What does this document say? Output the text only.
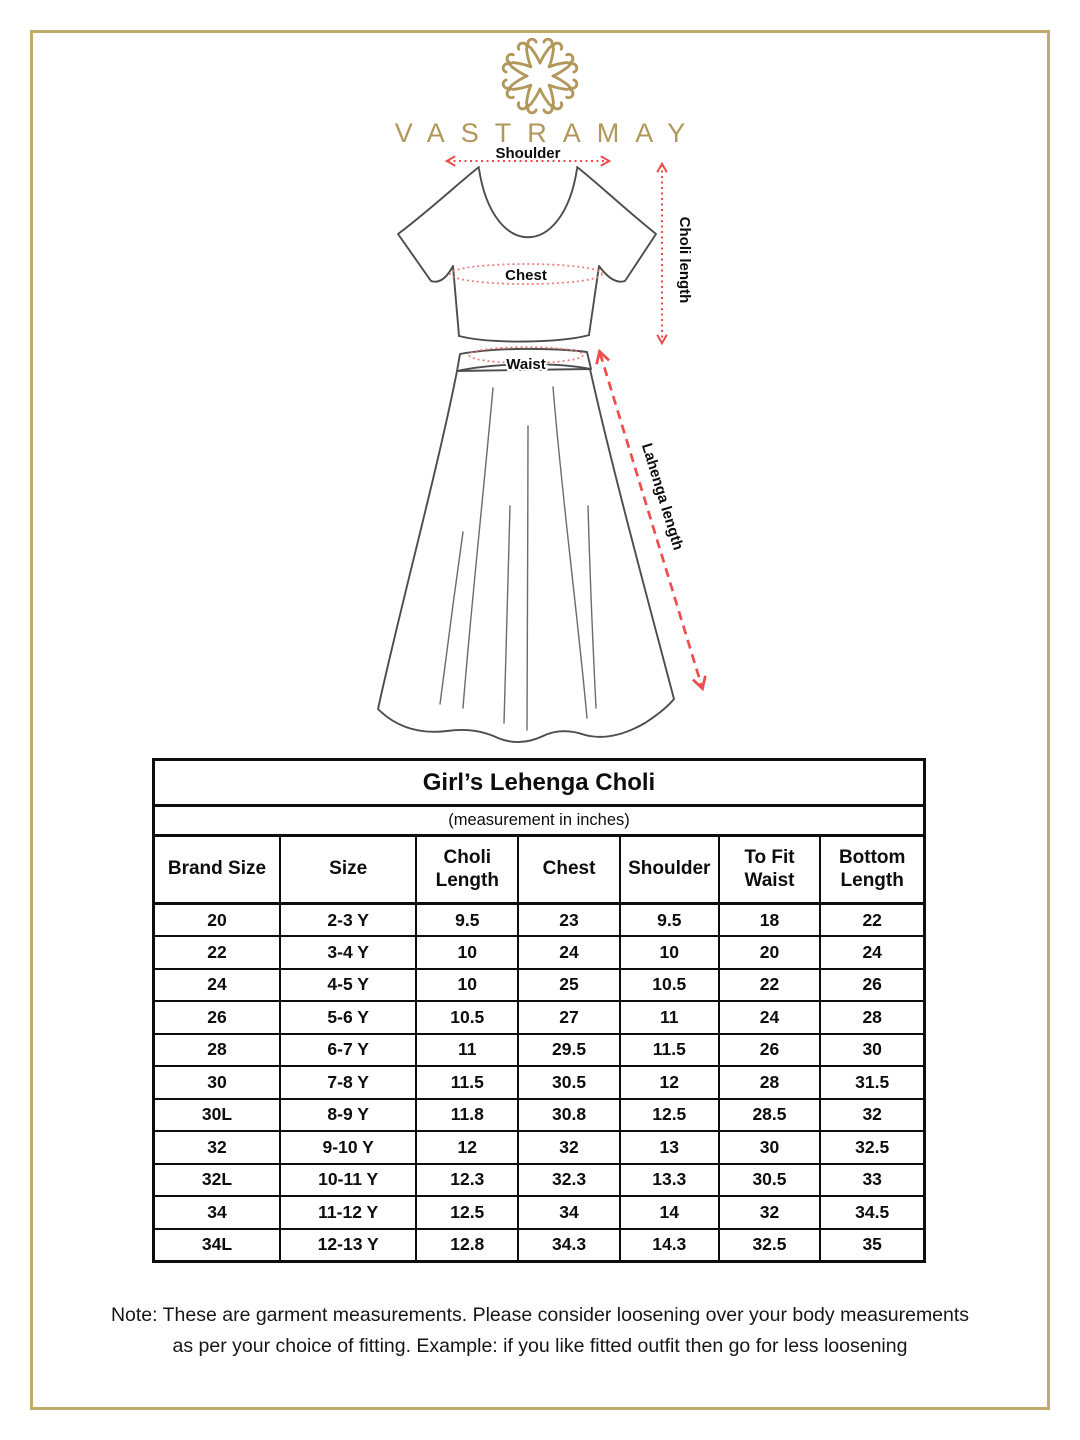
VASTRAMAY
Shoulder
Chest
Waist
Choli length
Lahenga length
Girl’s Lehenga Choli						
(measurement in inches)						
Brand Size	Size	Choli Length	Chest	Shoulder	To Fit Waist	Bottom Length
20	2-3 Y	9.5	23	9.5	18	22
22	3-4 Y	10	24	10	20	24
24	4-5 Y	10	25	10.5	22	26
26	5-6 Y	10.5	27	11	24	28
28	6-7 Y	11	29.5	11.5	26	30
30	7-8 Y	11.5	30.5	12	28	31.5
30L	8-9 Y	11.8	30.8	12.5	28.5	32
32	9-10 Y	12	32	13	30	32.5
32L	10-11 Y	12.3	32.3	13.3	30.5	33
34	11-12 Y	12.5	34	14	32	34.5
34L	12-13 Y	12.8	34.3	14.3	32.5	35

Note: These are garment measurements. Please consider loosening over your body measurements
as per your choice of fitting. Example: if you like fitted outfit then go for less loosening
